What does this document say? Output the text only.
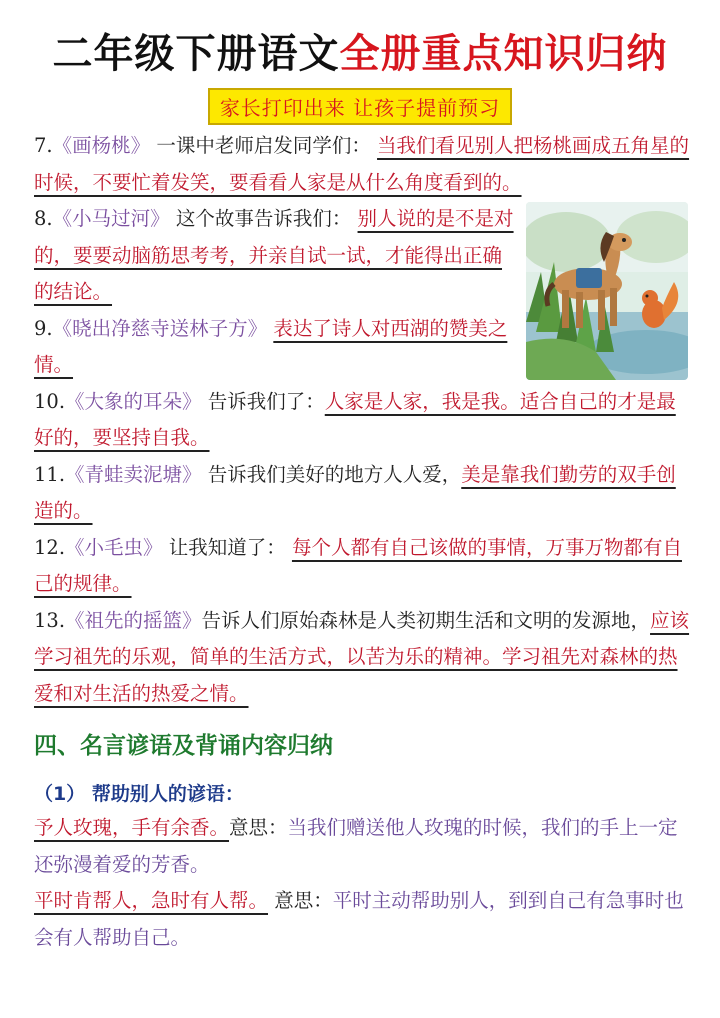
二年级下册语文全册重点知识归纳
家长打印出来 让孩子提前预习
7.《画杨桃》 一课中老师启发同学们： 当我们看见别人把杨桃画成五角星的时候，不要忙着发笑，要看看人家是从什么角度看到的。
8.《小马过河》 这个故事告诉我们： 别人说的是不是对的，要要动脑筋思考考，并亲自试一试，才能得出正确的结论。
9.《晓出净慈寺送林子方》 表达了诗人对西湖的赞美之情。
10.《大象的耳朵》 告诉我们了：人家是人家，我是我。适合自己的才是最好的，要坚持自我。
11.《青蛙卖泥塘》 告诉我们美好的地方人人爱，美是靠我们勤劳的双手创造的。
12.《小毛虫》 让我知道了： 每个人都有自己该做的事情，万事万物都有自己的规律。
13.《祖先的摇篮》告诉人们原始森林是人类初期生活和文明的发源地，应该学习祖先的乐观，简单的生活方式，以苦为乐的精神。学习祖先对森林的热爱和对生活的热爱之情。
四、名言谚语及背诵内容归纳
（1） 帮助别人的谚语：
予人玫瑰，手有余香。意思：当我们赠送他人玫瑰的时候，我们的手上一定还弥漫着爱的芳香。
平时肯帮人，急时有人帮。 意思：平时主动帮助别人，到到自己有急事时也会有人帮助自己。
